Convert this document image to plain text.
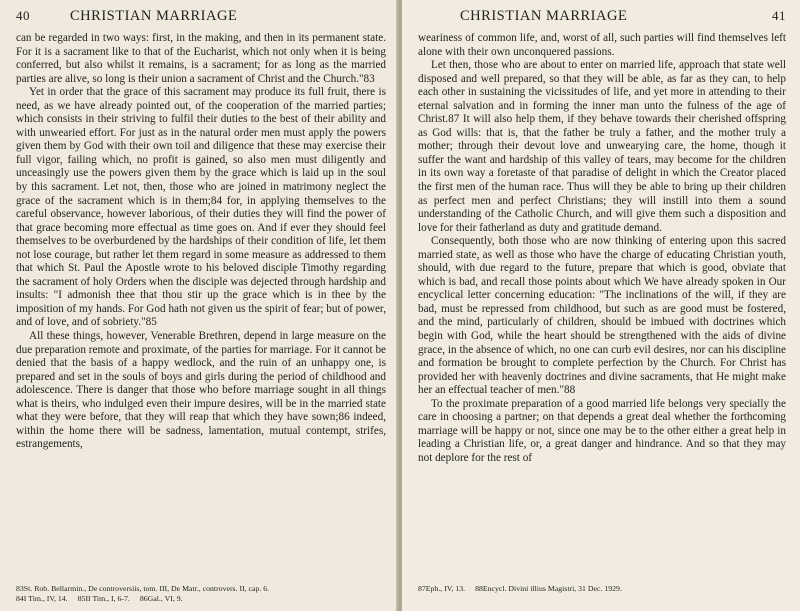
40	CHRISTIAN MARRIAGE

can be regarded in two ways: first, in the making, and then in its permanent state. For it is a sacrament like to that of the Eucharist, which not only when it is being conferred, but also whilst it remains, is a sacrament; for as long as the married parties are alive, so long is their union a sacrament of Christ and the Church."83

Yet in order that the grace of this sacrament may produce its full fruit, there is need, as we have already pointed out, of the cooperation of the married parties; which consists in their striving to fulfil their duties to the best of their ability and with unwearied effort. For just as in the natural order men must apply the powers given them by God with their own toil and diligence that these may exercise their full vigor, failing which, no profit is gained, so also men must diligently and unceasingly use the powers given them by the grace which is laid up in the soul by this sacrament. Let not, then, those who are joined in matrimony neglect the grace of the sacrament which is in them;84 for, in applying themselves to the careful observance, however laborious, of their duties they will find the power of that grace becoming more effectual as time goes on. And if ever they should feel themselves to be overburdened by the hardships of their condition of life, let them not lose courage, but rather let them regard in some measure as addressed to them that which St. Paul the Apostle wrote to his beloved disciple Timothy regarding the sacrament of holy Orders when the disciple was dejected through hardship and insults: "I admonish thee that thou stir up the grace which is in thee by the imposition of my hands. For God hath not given us the spirit of fear; but of power, and of love, and of sobriety."85

All these things, however, Venerable Brethren, depend in large measure on the due preparation remote and proximate, of the parties for marriage. For it cannot be denied that the basis of a happy wedlock, and the ruin of an unhappy one, is prepared and set in the souls of boys and girls during the period of childhood and adolescence. There is danger that those who before marriage sought in all things what is theirs, who indulged even their impure desires, will be in the married state what they were before, that they will reap that which they have sown;86 indeed, within the home there will be sadness, lamentation, mutual contempt, strifes, estrangements,

83St. Rob. Bellarmin., De controversiis, tom. III, De Matr., controvers. II, cap. 6.
84I Tim., IV, 14. 85II Tim., I, 6-7. 86Gal., VI, 9.
CHRISTIAN MARRIAGE	41

weariness of common life, and, worst of all, such parties will find themselves left alone with their own unconquered passions.

Let then, those who are about to enter on married life, approach that state well disposed and well prepared, so that they will be able, as far as they can, to help each other in sustaining the vicissitudes of life, and yet more in attending to their eternal salvation and in forming the inner man unto the fulness of the age of Christ.87 It will also help them, if they behave towards their cherished offspring as God wills: that is, that the father be truly a father, and the mother truly a mother; through their devout love and unwearying care, the home, though it suffer the want and hardship of this valley of tears, may become for the children in its own way a foretaste of that paradise of delight in which the Creator placed the first men of the human race. Thus will they be able to bring up their children as perfect men and perfect Christians; they will instill into them a sound understanding of the Catholic Church, and will give them such a disposition and love for their fatherland as duty and gratitude demand.

Consequently, both those who are now thinking of entering upon this sacred married state, as well as those who have the charge of educating Christian youth, should, with due regard to the future, prepare that which is good, obviate that which is bad, and recall those points about which We have already spoken in Our encyclical letter concerning education: "The inclinations of the will, if they are bad, must be repressed from childhood, but such as are good must be fostered, and the mind, particularly of children, should be imbued with doctrines which begin with God, while the heart should be strengthened with the aids of divine grace, in the absence of which, no one can curb evil desires, nor can his discipline and formation be brought to complete perfection by the Church. For Christ has provided her with heavenly doctrines and divine sacraments, that He might make her an effectual teacher of men."88

To the proximate preparation of a good married life belongs very specially the care in choosing a partner; on that depends a great deal whether the forthcoming marriage will be happy or not, since one may be to the other either a great help in leading a Christian life, or, a great danger and hindrance. And so that they may not deplore for the rest of

87Eph., IV, 13. 88Encycl. Divini illius Magistri, 31 Dec. 1929.
